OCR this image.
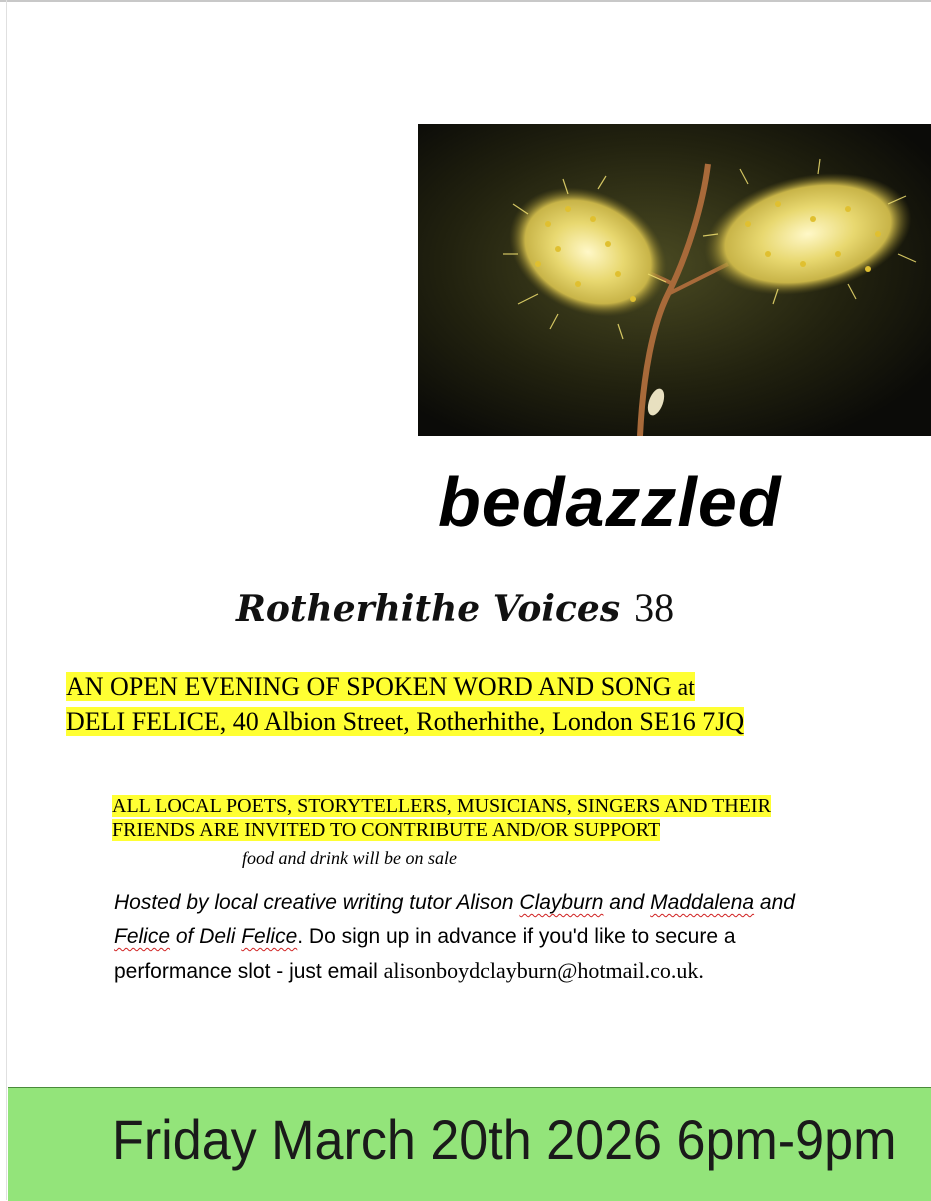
bedazzled
Rotherhithe Voices 38
AN OPEN EVENING OF SPOKEN WORD AND SONG at
DELI FELICE, 40 Albion Street, Rotherhithe, London SE16 7JQ
ALL LOCAL POETS, STORYTELLERS, MUSICIANS, SINGERS AND THEIR
FRIENDS ARE INVITED TO CONTRIBUTE AND/OR SUPPORT
food and drink will be on sale
Hosted by local creative writing tutor Alison Clayburn and Maddalena and
Felice of Deli Felice. Do sign up in advance if you'd like to secure a
performance slot - just email alisonboydclayburn@hotmail.co.uk.
Friday March 20th 2026 6pm-9pm
